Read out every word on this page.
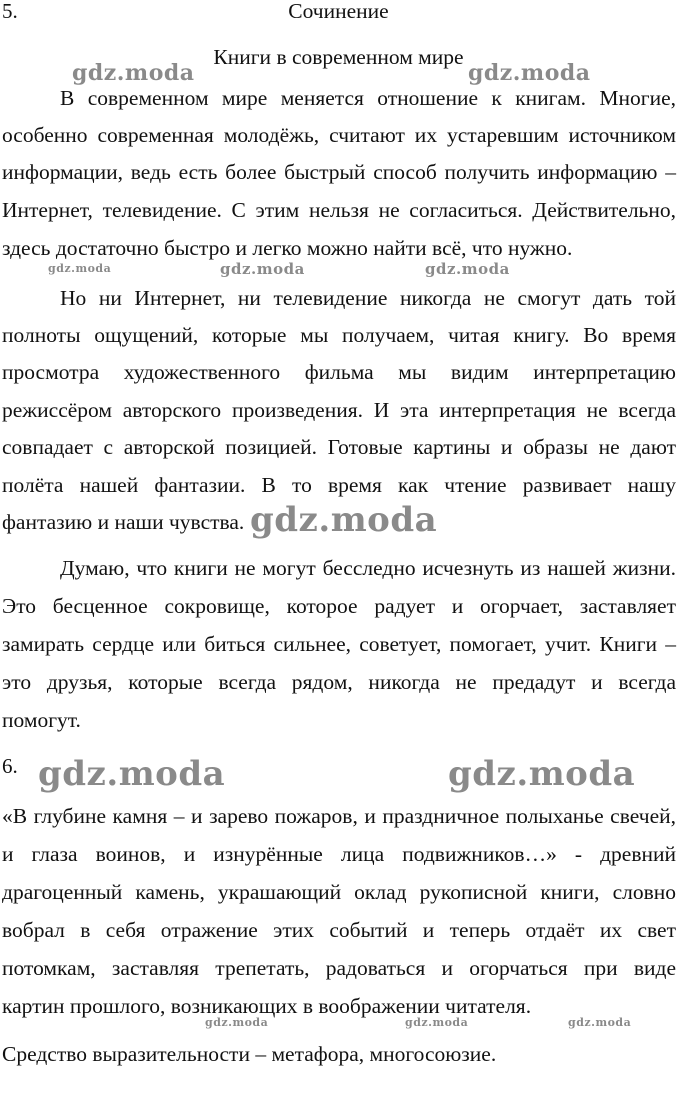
5.	Сочинение
Книги в современном мире
В современном мире меняется отношение к книгам. Многие,
особенно современная молодёжь, считают их устаревшим источником
информации, ведь есть более быстрый способ получить информацию –
Интернет, телевидение. С этим нельзя не согласиться. Действительно,
здесь достаточно быстро и легко можно найти всё, что нужно.
Но ни Интернет, ни телевидение никогда не смогут дать той
полноты ощущений, которые мы получаем, читая книгу. Во время
просмотра художественного фильма мы видим интерпретацию
режиссёром авторского произведения. И эта интерпретация не всегда
совпадает с авторской позицией. Готовые картины и образы не дают
полёта нашей фантазии. В то время как чтение развивает нашу
фантазию и наши чувства.
Думаю, что книги не могут бесследно исчезнуть из нашей жизни.
Это бесценное сокровище, которое радует и огорчает, заставляет
замирать сердце или биться сильнее, советует, помогает, учит. Книги –
это друзья, которые всегда рядом, никогда не предадут и всегда
помогут.
6.
«В глубине камня – и зарево пожаров, и праздничное полыханье свечей,
и глаза воинов, и изнурённые лица подвижников…» - древний
драгоценный камень, украшающий оклад рукописной книги, словно
вобрал в себя отражение этих событий и теперь отдаёт их свет
потомкам, заставляя трепетать, радоваться и огорчаться при виде
картин прошлого, возникающих в воображении читателя.
Средство выразительности – метафора, многосоюзие.
gdz.moda	gdz.moda
gdz.moda	gdz.moda	gdz.moda
gdz.moda
gdz.moda	gdz.moda
gdz.moda	gdz.moda	gdz.moda
